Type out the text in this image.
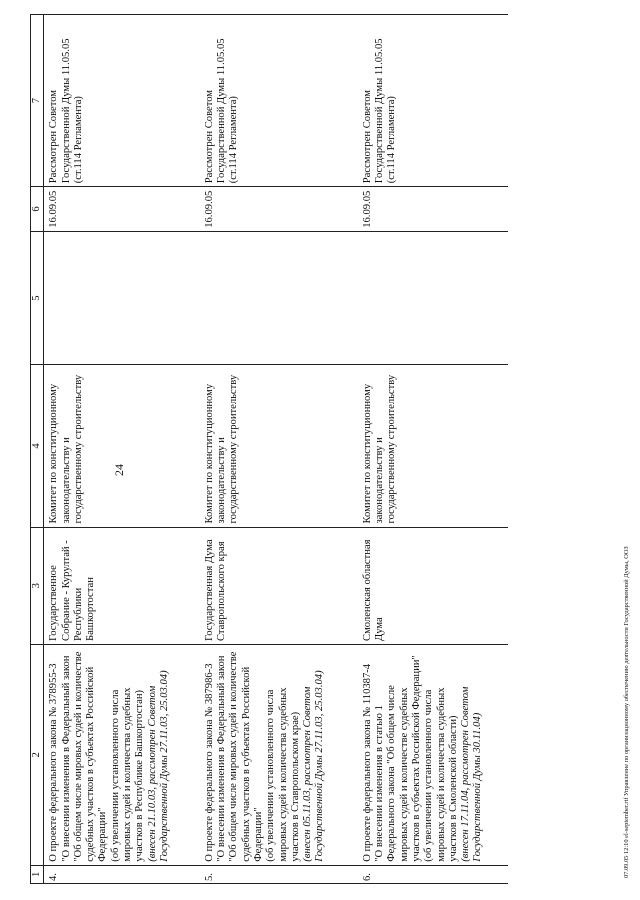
24
1	2	3	4	5	6	7
4.	О проекте федерального закона № 378955-3 "О внесении изменения в Федеральный закон "Об общем числе мировых судей и количестве судебных участков в субъектах Российской Федерации" (об увеличении установленного числа мировых судей и количества судебных участков в Республике Башкортостан) (внесен 21.10.03, рассмотрен Советом Государственной Думы 27.11.03, 25.03.04)	Государственное Собрание - Курултай - Республики Башкортостан	Комитет по конституционному законодательству и государственному строительству		16.09.05	Рассмотрен Советом Государственной Думы 11.05.05 (ст.114 Регламента)
5.	О проекте федерального закона № 387986-3 "О внесении изменения в Федеральный закон "Об общем числе мировых судей и количестве судебных участков в субъектах Российской Федерации" (об увеличении установленного числа мировых судей и количества судебных участков в Ставропольском крае) (внесен 05.11.03, рассмотрен Советом Государственной Думы 27.11.03, 25.03.04)	Государственная Дума Ставропольского края	Комитет по конституционному законодательству и государственному строительству		16.09.05	Рассмотрен Советом Государственной Думы 11.05.05 (ст.114 Регламента)
6.	О проекте федерального закона № 110387-4 "О внесении изменения в статью 1 Федерального закона "Об общем числе мировых судей и количестве судебных участков в субъектах Российской Федерации" (об увеличении установленного числа мировых судей и количества судебных участков в Смоленской области) (внесен 17.11.04, рассмотрен Советом Государственной Думы 30.11.04)	Смоленская областная Дума	Комитет по конституционному законодательству и государственному строительству		16.09.05	Рассмотрен Советом Государственной Думы 11.05.05 (ст.114 Регламента)
07.09.05 12:10 el-september.rtf Управление по организационному обеспечению деятельности Государственной Думы, ООЗ
